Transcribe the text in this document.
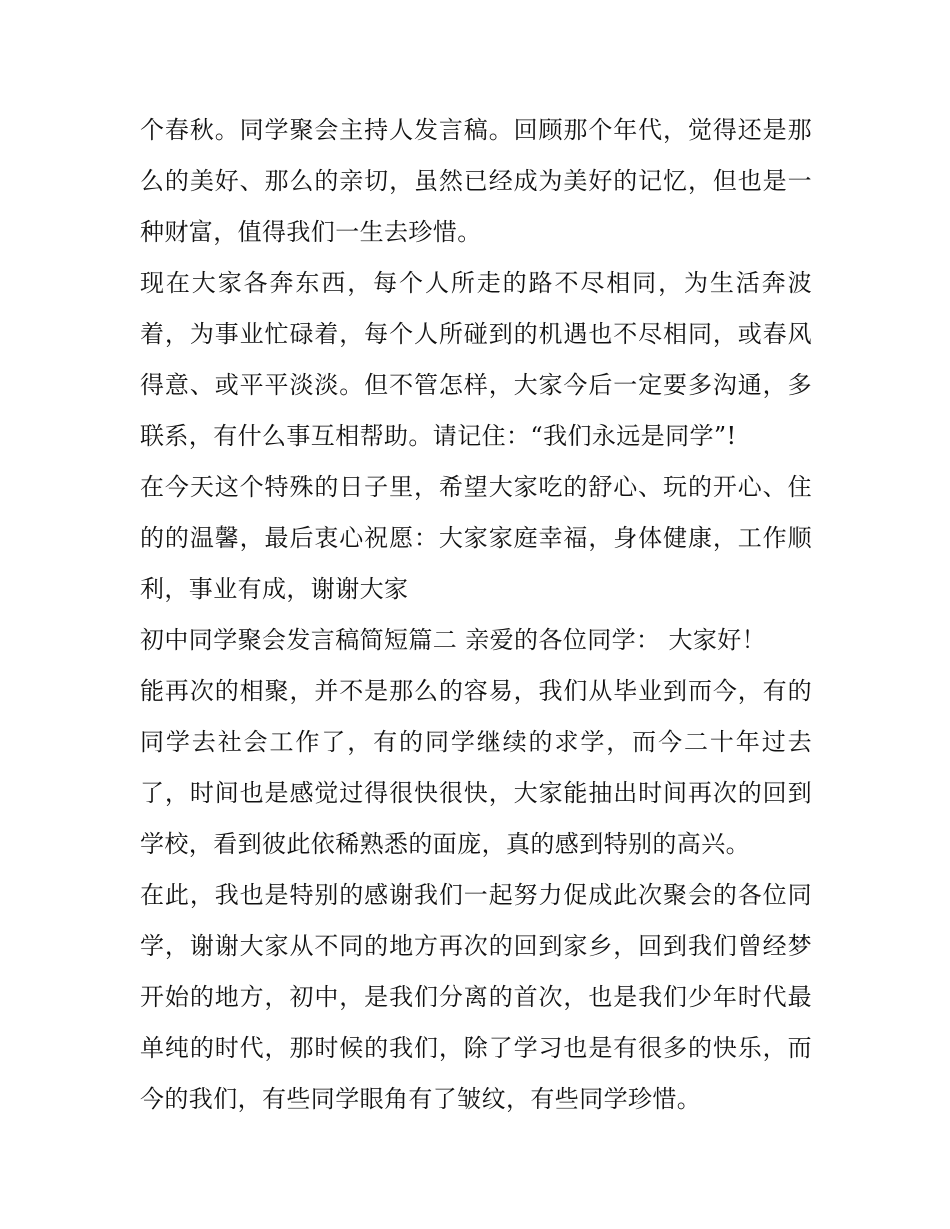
个春秋。同学聚会主持人发言稿。回顾那个年代，觉得还是那么的美好、那么的亲切，虽然已经成为美好的记忆，但也是一种财富，值得我们一生去珍惜。

现在大家各奔东西，每个人所走的路不尽相同，为生活奔波着，为事业忙碌着，每个人所碰到的机遇也不尽相同，或春风得意、或平平淡淡。但不管怎样，大家今后一定要多沟通，多联系，有什么事互相帮助。请记住：“我们永远是同学”!

在今天这个特殊的日子里，希望大家吃的舒心、玩的开心、住的的温馨，最后衷心祝愿：大家家庭幸福，身体健康，工作顺利，事业有成，谢谢大家

初中同学聚会发言稿简短篇二 亲爱的各位同学： 大家好！

能再次的相聚，并不是那么的容易，我们从毕业到而今，有的同学去社会工作了，有的同学继续的求学，而今二十年过去了，时间也是感觉过得很快很快，大家能抽出时间再次的回到学校，看到彼此依稀熟悉的面庞，真的感到特别的高兴。

在此，我也是特别的感谢我们一起努力促成此次聚会的各位同学，谢谢大家从不同的地方再次的回到家乡，回到我们曾经梦开始的地方，初中，是我们分离的首次，也是我们少年时代最单纯的时代，那时候的我们，除了学习也是有很多的快乐，而今的我们，有些同学眼角有了皱纹，有些同学珍惜。
